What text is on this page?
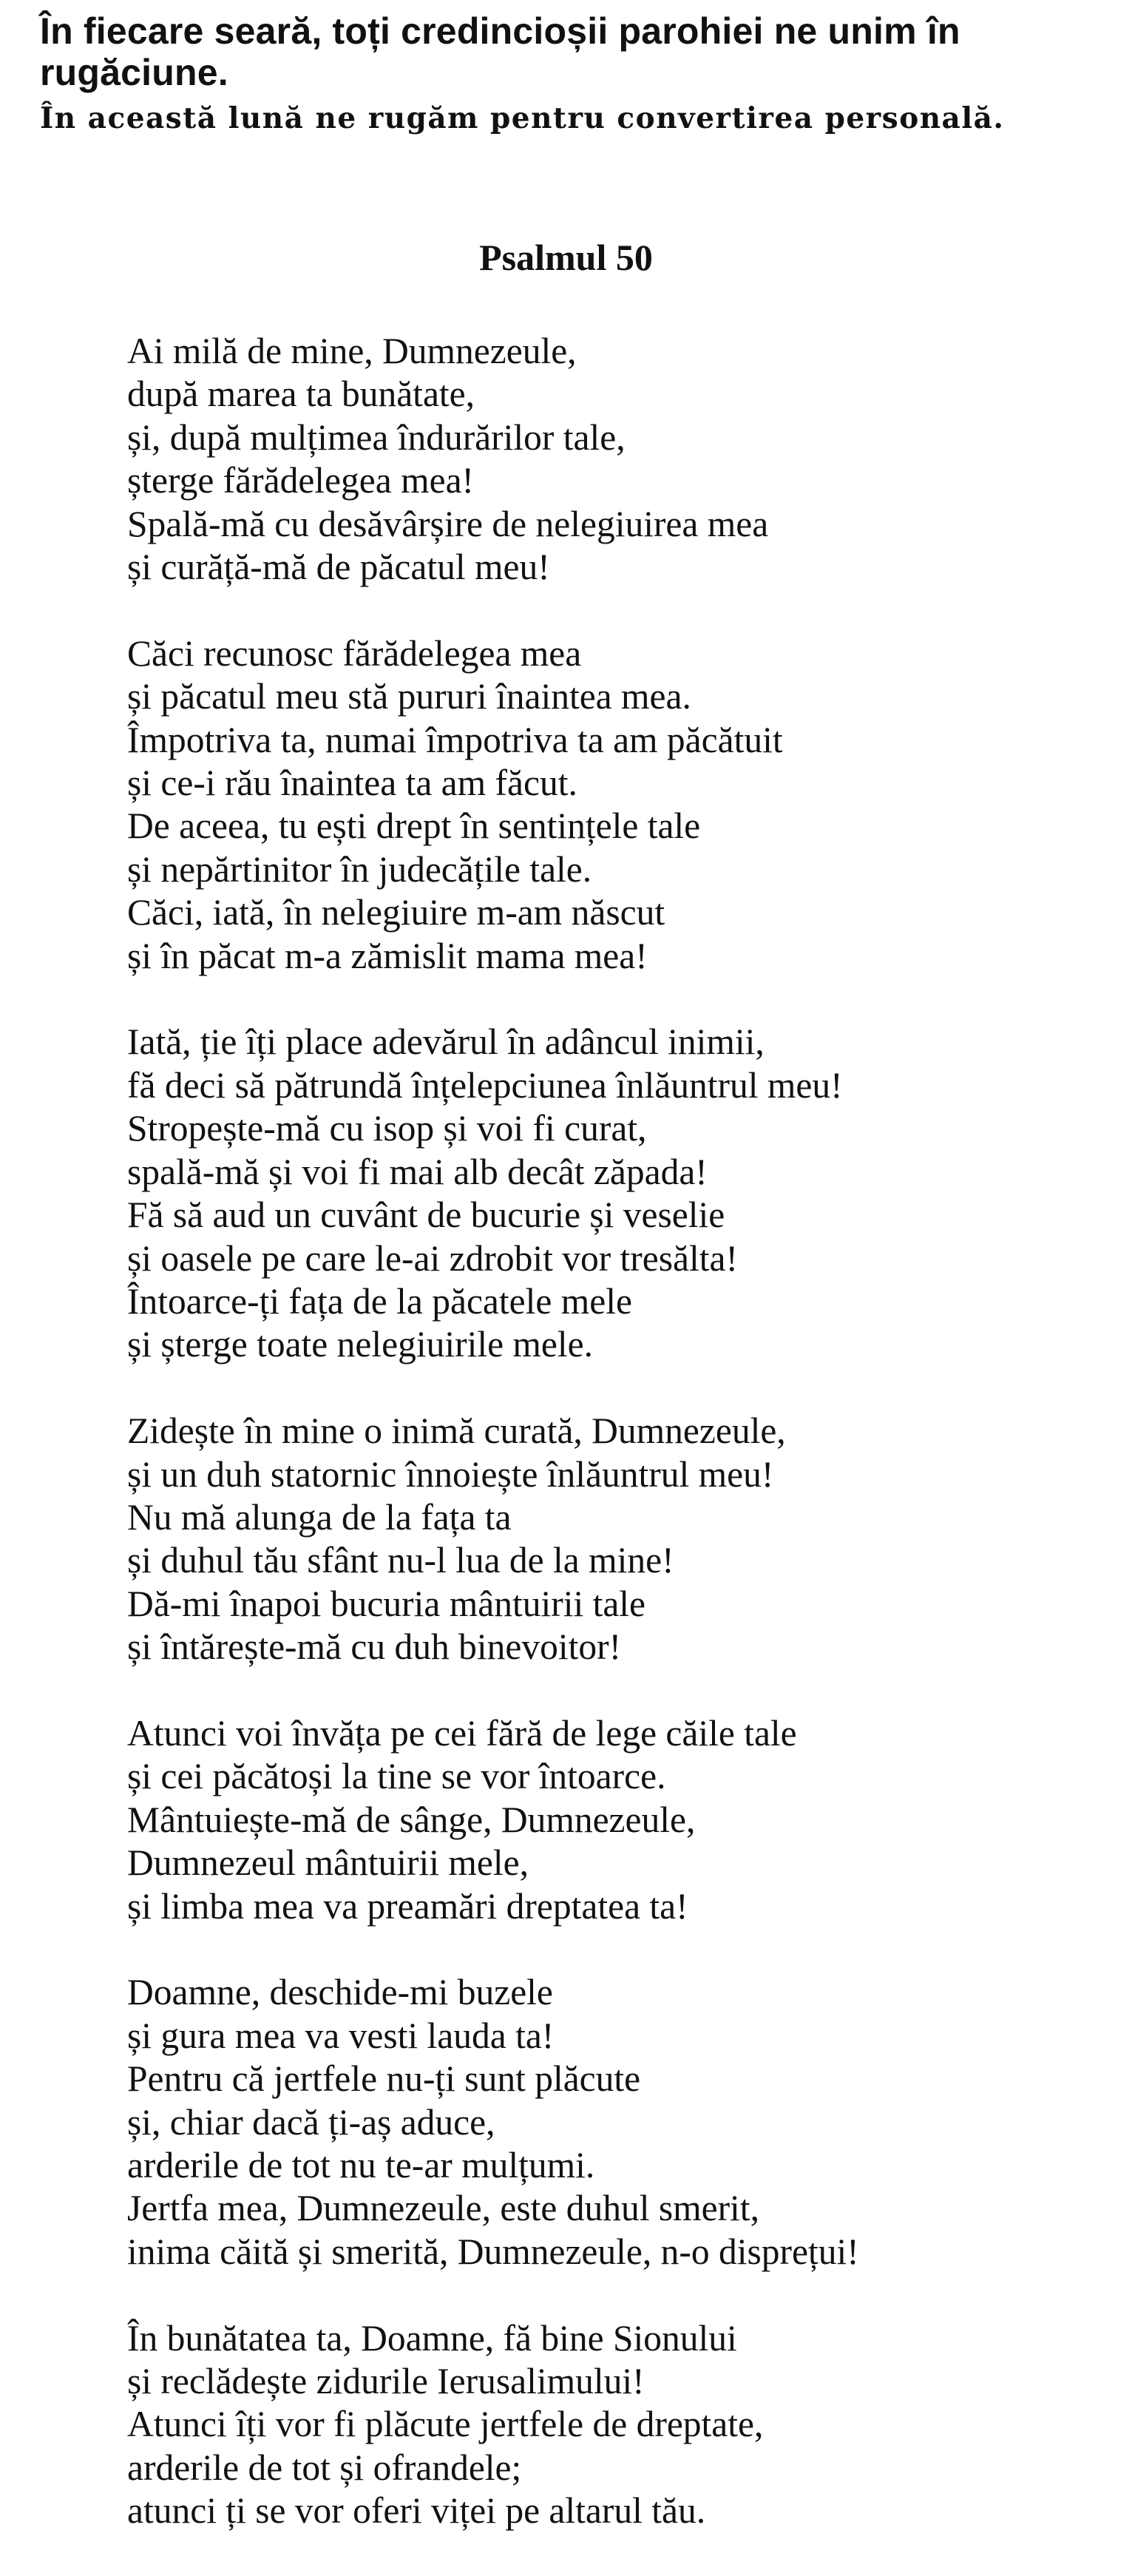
În fiecare seară, toți credincioșii parohiei ne unim în rugăciune.
În această lună ne rugăm pentru convertirea personală.
Psalmul 50
Ai milă de mine, Dumnezeule,
după marea ta bunătate,
și, după mulțimea îndurărilor tale,
șterge fărădelegea mea!
Spală-mă cu desăvârșire de nelegiuirea mea
și curăță-mă de păcatul meu!
Căci recunosc fărădelegea mea
și păcatul meu stă pururi înaintea mea.
Împotriva ta, numai împotriva ta am păcătuit
și ce-i rău înaintea ta am făcut.
De aceea, tu ești drept în sentințele tale
și nepărtinitor în judecățile tale.
Căci, iată, în nelegiuire m-am născut
și în păcat m-a zămislit mama mea!
Iată, ție îți place adevărul în adâncul inimii,
fă deci să pătrundă înțelepciunea înlăuntrul meu!
Stropește-mă cu isop și voi fi curat,
spală-mă și voi fi mai alb decât zăpada!
Fă să aud un cuvânt de bucurie și veselie
și oasele pe care le-ai zdrobit vor tresălta!
Întoarce-ți fața de la păcatele mele
și șterge toate nelegiuirile mele.
Zidește în mine o inimă curată, Dumnezeule,
și un duh statornic înnoiește înlăuntrul meu!
Nu mă alunga de la fața ta
și duhul tău sfânt nu-l lua de la mine!
Dă-mi înapoi bucuria mântuirii tale
și întărește-mă cu duh binevoitor!
Atunci voi învăța pe cei fără de lege căile tale
și cei păcătoși la tine se vor întoarce.
Mântuiește-mă de sânge, Dumnezeule,
Dumnezeul mântuirii mele,
și limba mea va preamări dreptatea ta!
Doamne, deschide-mi buzele
și gura mea va vesti lauda ta!
Pentru că jertfele nu-ți sunt plăcute
și, chiar dacă ți-aș aduce,
arderile de tot nu te-ar mulțumi.
Jertfa mea, Dumnezeule, este duhul smerit,
inima căită și smerită, Dumnezeule, n-o disprețui!
În bunătatea ta, Doamne, fă bine Sionului
și reclădește zidurile Ierusalimului!
Atunci îți vor fi plăcute jertfele de dreptate,
arderile de tot și ofrandele;
atunci ți se vor oferi viței pe altarul tău.
